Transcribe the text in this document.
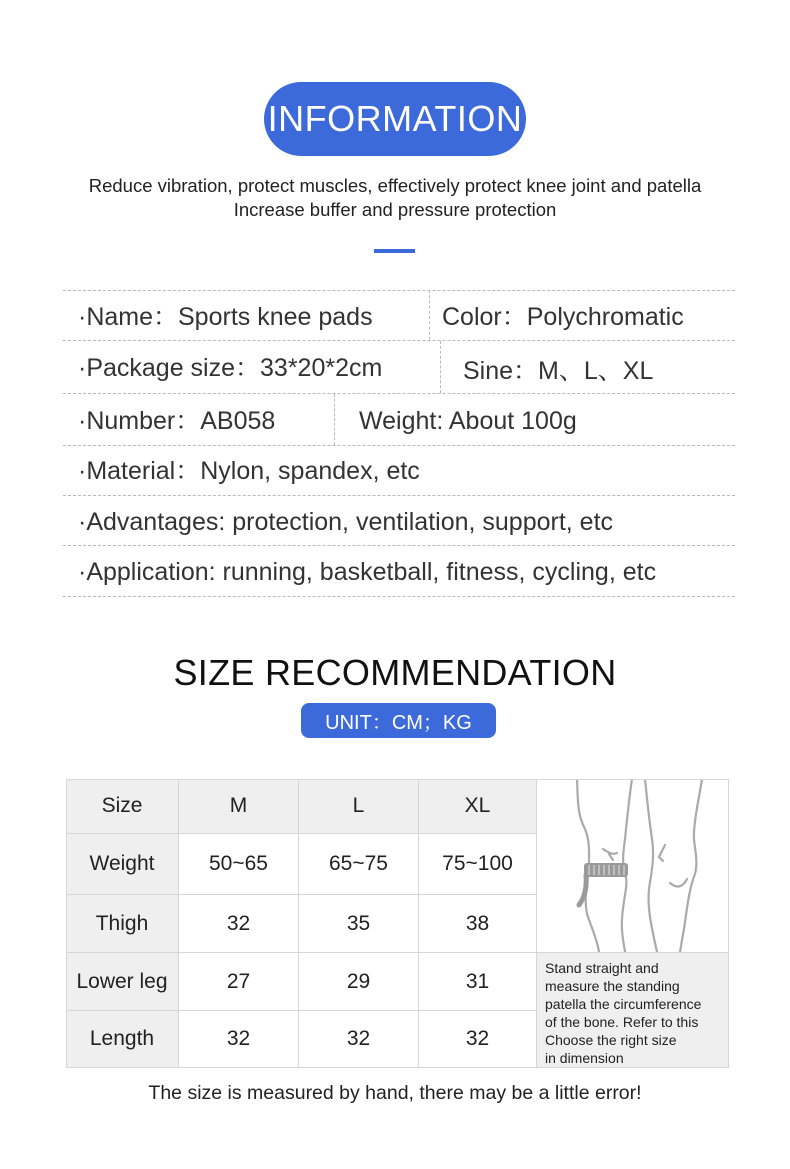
INFORMATION
Reduce vibration, protect muscles, effectively protect knee joint and patella
Increase buffer and pressure protection
·Name：Sports knee pads	Color：Polychromatic
·Package size：33*20*2cm	Sine：M、L、XL
·Number：AB058	Weight: About 100g
·Material：Nylon, spandex, etc
·Advantages: protection, ventilation, support, etc
·Application: running, basketball, fitness, cycling, etc
SIZE RECOMMENDATION
UNIT：CM；KG
Size	M	L	XL
Weight	50~65	65~75	75~100
Thigh	32	35	38
Lower leg	27	29	31
Length	32	32	32
Stand straight and
measure the standing
patella the circumference
of the bone. Refer to this
Choose the right size
in dimension
The size is measured by hand, there may be a little error!
